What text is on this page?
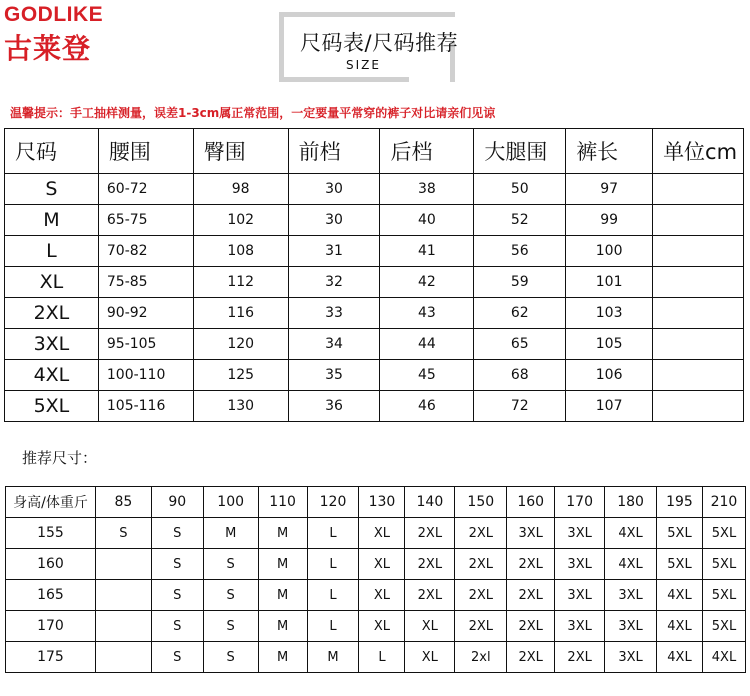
GODLIKE
古莱登	尺码表/尺码推荐
SIZE
温馨提示：手工抽样测量，误差1-3cm属正常范围，一定要量平常穿的裤子对比请亲们见谅
尺码	腰围	臀围	前档	后档	大腿围	裤长	单位cm
S	60-72	98	30	38	50	97	
M	65-75	102	30	40	52	99	
L	70-82	108	31	41	56	100	
XL	75-85	112	32	42	59	101	
2XL	90-92	116	33	43	62	103	
3XL	95-105	120	34	44	65	105	
4XL	100-110	125	35	45	68	106	
5XL	105-116	130	36	46	72	107	
推荐尺寸：
身高/体重斤	85	90	100	110	120	130	140	150	160	170	180	195	210
155	S	S	M	M	L	XL	2XL	2XL	3XL	3XL	4XL	5XL	5XL
160		S	S	M	L	XL	2XL	2XL	2XL	3XL	4XL	5XL	5XL
165		S	S	M	L	XL	2XL	2XL	2XL	3XL	3XL	4XL	5XL
170		S	S	M	L	XL	XL	2XL	2XL	3XL	3XL	4XL	5XL
175		S	S	M	M	L	XL	2xl	2XL	2XL	3XL	4XL	4XL
